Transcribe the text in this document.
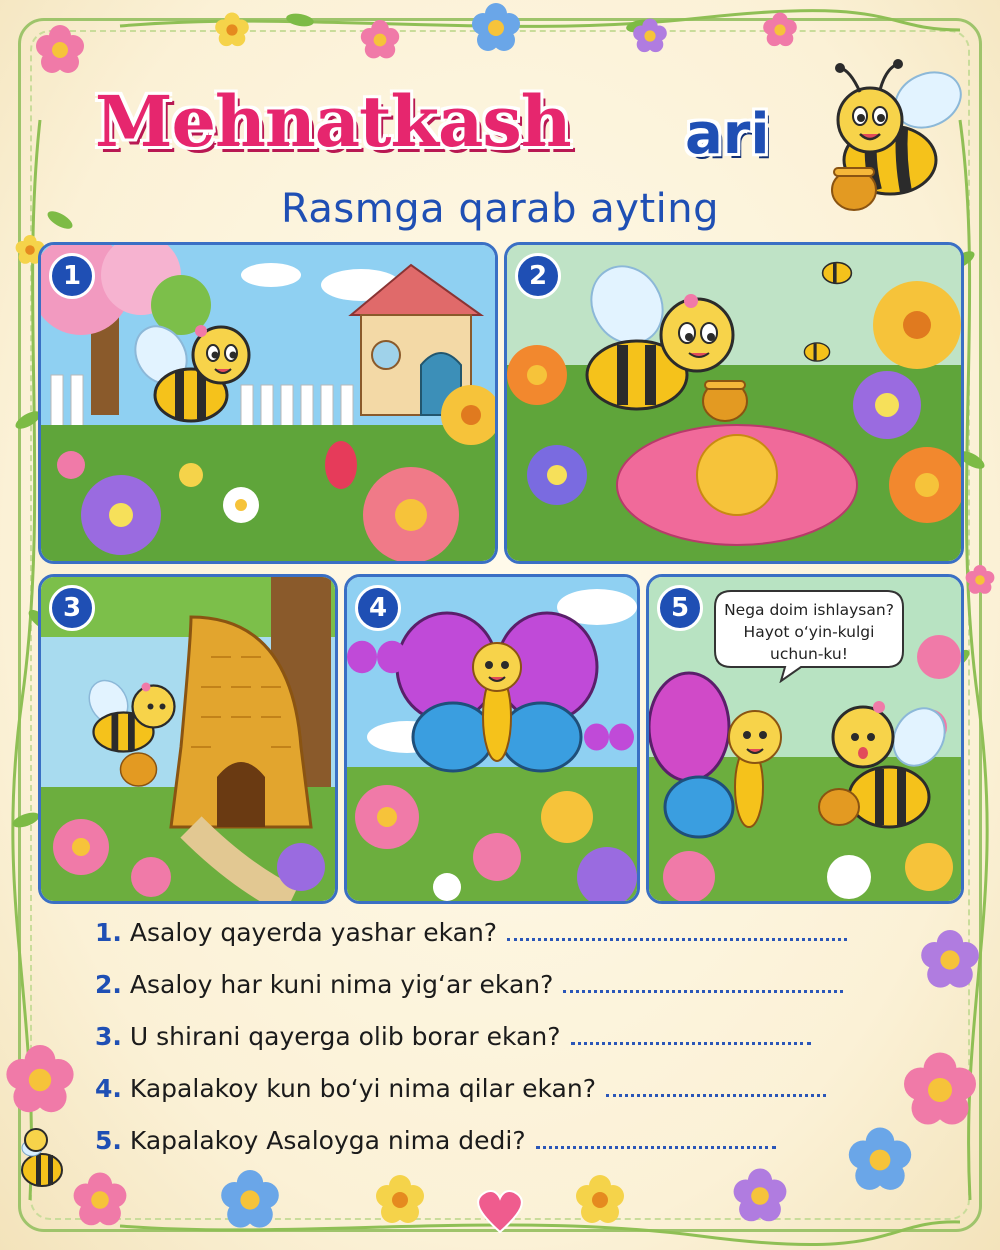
Mehnatkash ari
Rasmga qarab ayting
1	2
3	4	Nega doim ishlaysan?
Hayot o‘yin-kulgi
uchun-ku!
5
1. Asaloy qayerda yashar ekan?
2. Asaloy har kuni nima yig‘ar ekan?
3. U shirani qayerga olib borar ekan?
4. Kapalakoy kun bo‘yi nima qilar ekan?
5. Kapalakoy Asaloyga nima dedi?
